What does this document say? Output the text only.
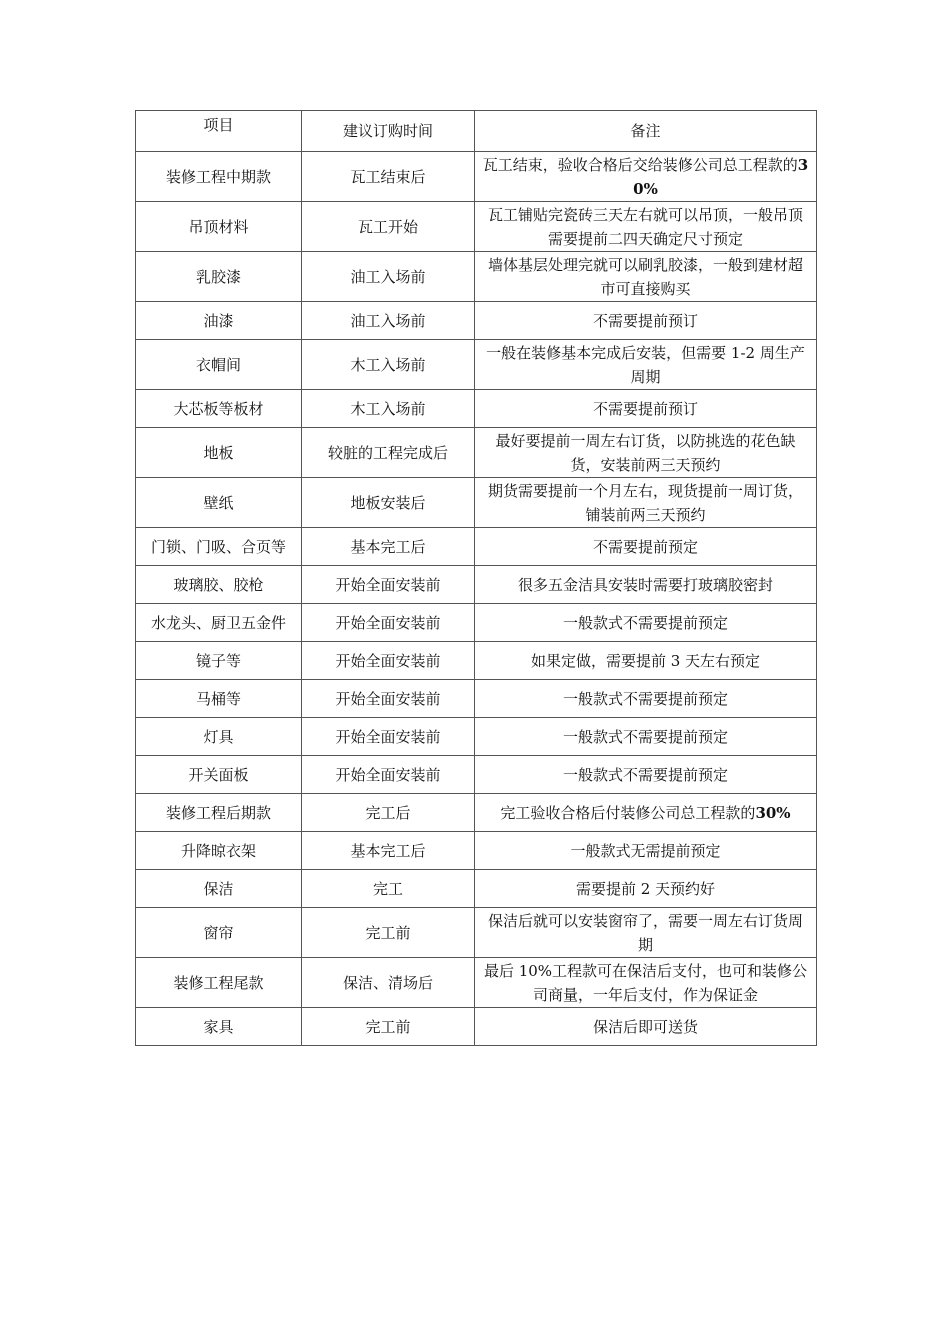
项目	建议订购时间	备注
装修工程中期款	瓦工结束后	瓦工结束，验收合格后交给装修公司总工程款的30%
吊顶材料	瓦工开始	瓦工铺贴完瓷砖三天左右就可以吊顶，一般吊顶需要提前二四天确定尺寸预定
乳胶漆	油工入场前	墙体基层处理完就可以刷乳胶漆，一般到建材超市可直接购买
油漆	油工入场前	不需要提前预订
衣帽间	木工入场前	一般在装修基本完成后安装，但需要 1-2 周生产周期
大芯板等板材	木工入场前	不需要提前预订
地板	较脏的工程完成后	最好要提前一周左右订货，以防挑选的花色缺货，安装前两三天预约
壁纸	地板安装后	期货需要提前一个月左右，现货提前一周订货，铺装前两三天预约
门锁、门吸、合页等	基本完工后	不需要提前预定
玻璃胶、胶枪	开始全面安装前	很多五金洁具安装时需要打玻璃胶密封
水龙头、厨卫五金件	开始全面安装前	一般款式不需要提前预定
镜子等	开始全面安装前	如果定做，需要提前 3 天左右预定
马桶等	开始全面安装前	一般款式不需要提前预定
灯具	开始全面安装前	一般款式不需要提前预定
开关面板	开始全面安装前	一般款式不需要提前预定
装修工程后期款	完工后	完工验收合格后付装修公司总工程款的30%
升降晾衣架	基本完工后	一般款式无需提前预定
保洁	完工	需要提前 2 天预约好
窗帘	完工前	保洁后就可以安装窗帘了，需要一周左右订货周期
装修工程尾款	保洁、清场后	最后 10%工程款可在保洁后支付，也可和装修公司商量，一年后支付，作为保证金
家具	完工前	保洁后即可送货
